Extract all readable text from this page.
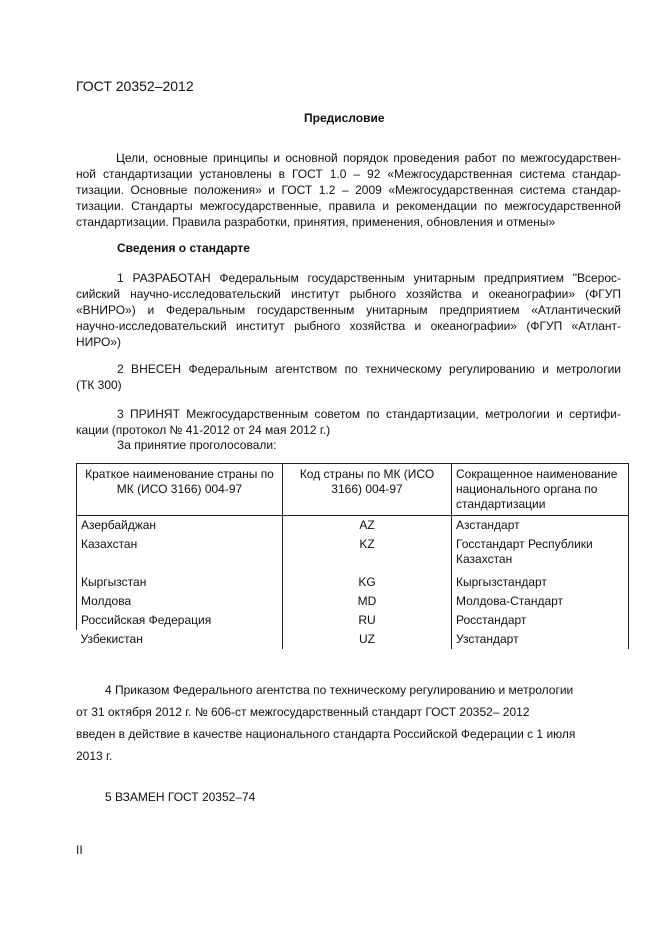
ГОСТ 20352–2012
Предисловие
Цели, основные принципы и основной порядок проведения работ по межгосударствен-
ной стандартизации установлены в ГОСТ 1.0 – 92 «Межгосударственная система стандар-
тизации. Основные положения» и ГОСТ 1.2 – 2009 «Межгосударственная система стандар-
тизации. Стандарты межгосударственные, правила и рекомендации по межгосударственной
стандартизации. Правила разработки, принятия, применения, обновления и отмены»
Сведения о стандарте
1 РАЗРАБОТАН Федеральным государственным унитарным предприятием "Всерос-
сийский научно-исследовательский институт рыбного хозяйства и океанографии» (ФГУП
«ВНИРО») и Федеральным государственным унитарным предприятием «Атлантический
научно-исследовательский институт рыбного хозяйства и океанографии» (ФГУП «Атлант-
НИРО»)
2 ВНЕСЕН Федеральным агентством по техническому регулированию и метрологии
(ТК 300)
3 ПРИНЯТ Межгосударственным советом по стандартизации, метрологии и сертифи-
кации (протокол № 41-2012 от 24 мая 2012 г.)
За принятие проголосовали:
Краткое наименование страны по МК (ИСО 3166) 004-97	Код страны по МК (ИСО 3166) 004-97	Сокращенное наименование национального органа по стандартизации
Азербайджан	AZ	Азстандарт
Казахстан	KZ	Госстандарт Республики Казахстан
Кыргызстан	KG	Кыргызстандарт
Молдова	MD	Молдова-Стандарт
Российская Федерация	RU	Росстандарт
Узбекистан	UZ	Узстандарт
4 Приказом Федерального агентства по техническому регулированию и метрологии
от 31 октября 2012 г. № 606-ст межгосударственный стандарт ГОСТ 20352– 2012
введен в действие в качестве национального стандарта Российской Федерации с 1 июля
2013 г.
5 ВЗАМЕН ГОСТ 20352–74
II
